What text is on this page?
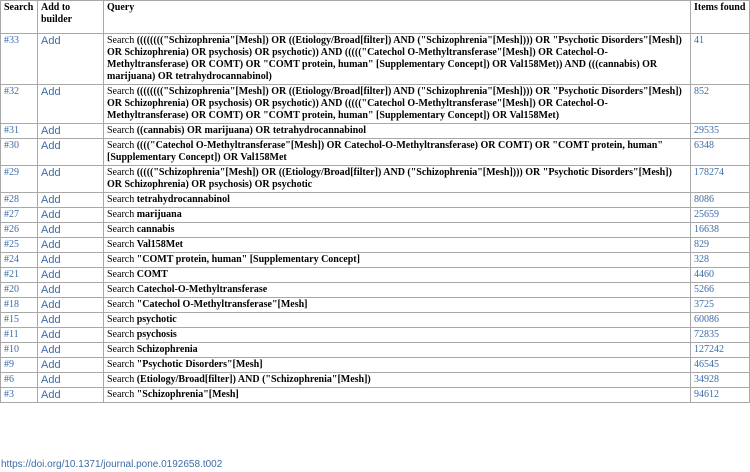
Search	Add to builder	Query	Items found
#33	Add	Search (((((((("Schizophrenia"[Mesh]) OR ((Etiology/Broad[filter]) AND ("Schizophrenia"[Mesh]))) OR "Psychotic Disorders"[Mesh]) OR Schizophrenia) OR psychosis) OR psychotic)) AND ((((("Catechol O-Methyltransferase"[Mesh]) OR Catechol-O-Methyltransferase) OR COMT) OR "COMT protein, human" [Supplementary Concept]) OR Val158Met)) AND (((cannabis) OR marijuana) OR tetrahydrocannabinol)	41
#32	Add	Search (((((((("Schizophrenia"[Mesh]) OR ((Etiology/Broad[filter]) AND ("Schizophrenia"[Mesh]))) OR "Psychotic Disorders"[Mesh]) OR Schizophrenia) OR psychosis) OR psychotic)) AND ((((("Catechol O-Methyltransferase"[Mesh]) OR Catechol-O-Methyltransferase) OR COMT) OR "COMT protein, human" [Supplementary Concept]) OR Val158Met)	852
#31	Add	Search ((cannabis) OR marijuana) OR tetrahydrocannabinol	29535
#30	Add	Search (((("Catechol O-Methyltransferase"[Mesh]) OR Catechol-O-Methyltransferase) OR COMT) OR "COMT protein, human" [Supplementary Concept]) OR Val158Met	6348
#29	Add	Search ((((("Schizophrenia"[Mesh]) OR ((Etiology/Broad[filter]) AND ("Schizophrenia"[Mesh]))) OR "Psychotic Disorders"[Mesh]) OR Schizophrenia) OR psychosis) OR psychotic	178274
#28	Add	Search tetrahydrocannabinol	8086
#27	Add	Search marijuana	25659
#26	Add	Search cannabis	16638
#25	Add	Search Val158Met	829
#24	Add	Search "COMT protein, human" [Supplementary Concept]	328
#21	Add	Search COMT	4460
#20	Add	Search Catechol-O-Methyltransferase	5266
#18	Add	Search "Catechol O-Methyltransferase"[Mesh]	3725
#15	Add	Search psychotic	60086
#11	Add	Search psychosis	72835
#10	Add	Search Schizophrenia	127242
#9	Add	Search "Psychotic Disorders"[Mesh]	46545
#6	Add	Search (Etiology/Broad[filter]) AND ("Schizophrenia"[Mesh])	34928
#3	Add	Search "Schizophrenia"[Mesh]	94612
https://doi.org/10.1371/journal.pone.0192658.t002
